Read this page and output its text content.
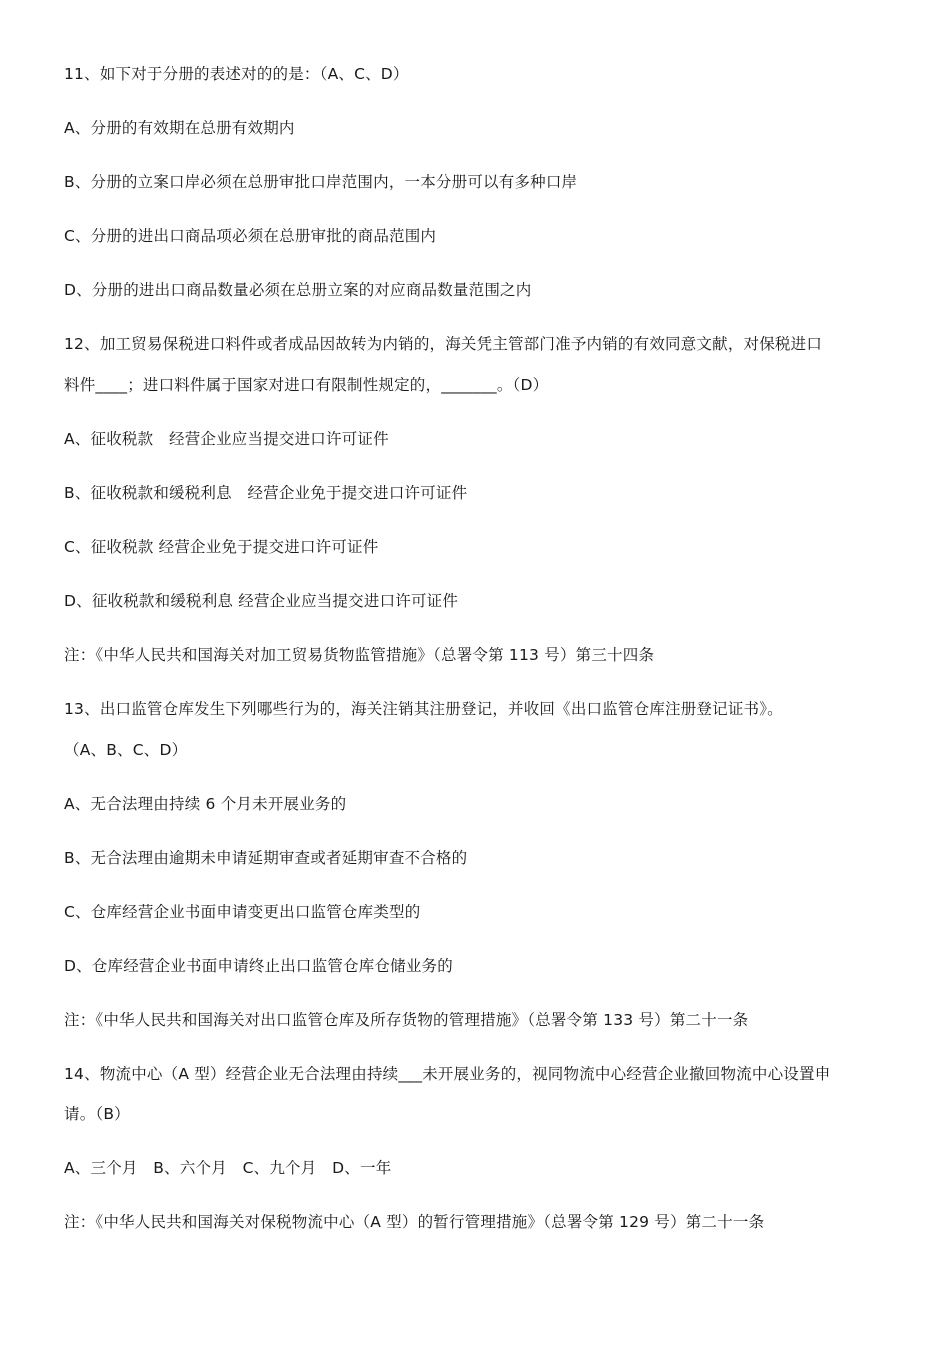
11、如下对于分册的表述对的的是：（A、C、D）
A、分册的有效期在总册有效期内
B、分册的立案口岸必须在总册审批口岸范围内，一本分册可以有多种口岸
C、分册的进出口商品项必须在总册审批的商品范围内
D、分册的进出口商品数量必须在总册立案的对应商品数量范围之内
12、加工贸易保税进口料件或者成品因故转为内销的，海关凭主管部门准予内销的有效同意文献，对保税进口
料件____；进口料件属于国家对进口有限制性规定的，_______。（D）
A、征收税款　经营企业应当提交进口许可证件
B、征收税款和缓税利息　经营企业免于提交进口许可证件
C、征收税款 经营企业免于提交进口许可证件
D、征收税款和缓税利息 经营企业应当提交进口许可证件
注：《中华人民共和国海关对加工贸易货物监管措施》（总署令第 113 号）第三十四条
13、出口监管仓库发生下列哪些行为的，海关注销其注册登记，并收回《出口监管仓库注册登记证书》。
（A、B、C、D）
A、无合法理由持续 6 个月未开展业务的
B、无合法理由逾期未申请延期审查或者延期审查不合格的
C、仓库经营企业书面申请变更出口监管仓库类型的
D、仓库经营企业书面申请终止出口监管仓库仓储业务的
注：《中华人民共和国海关对出口监管仓库及所存货物的管理措施》（总署令第 133 号）第二十一条
14、物流中心（A 型）经营企业无合法理由持续___未开展业务的，视同物流中心经营企业撤回物流中心设置申
请。（B）
A、三个月　B、六个月　C、九个月　D、一年
注：《中华人民共和国海关对保税物流中心（A 型）的暂行管理措施》（总署令第 129 号）第二十一条
